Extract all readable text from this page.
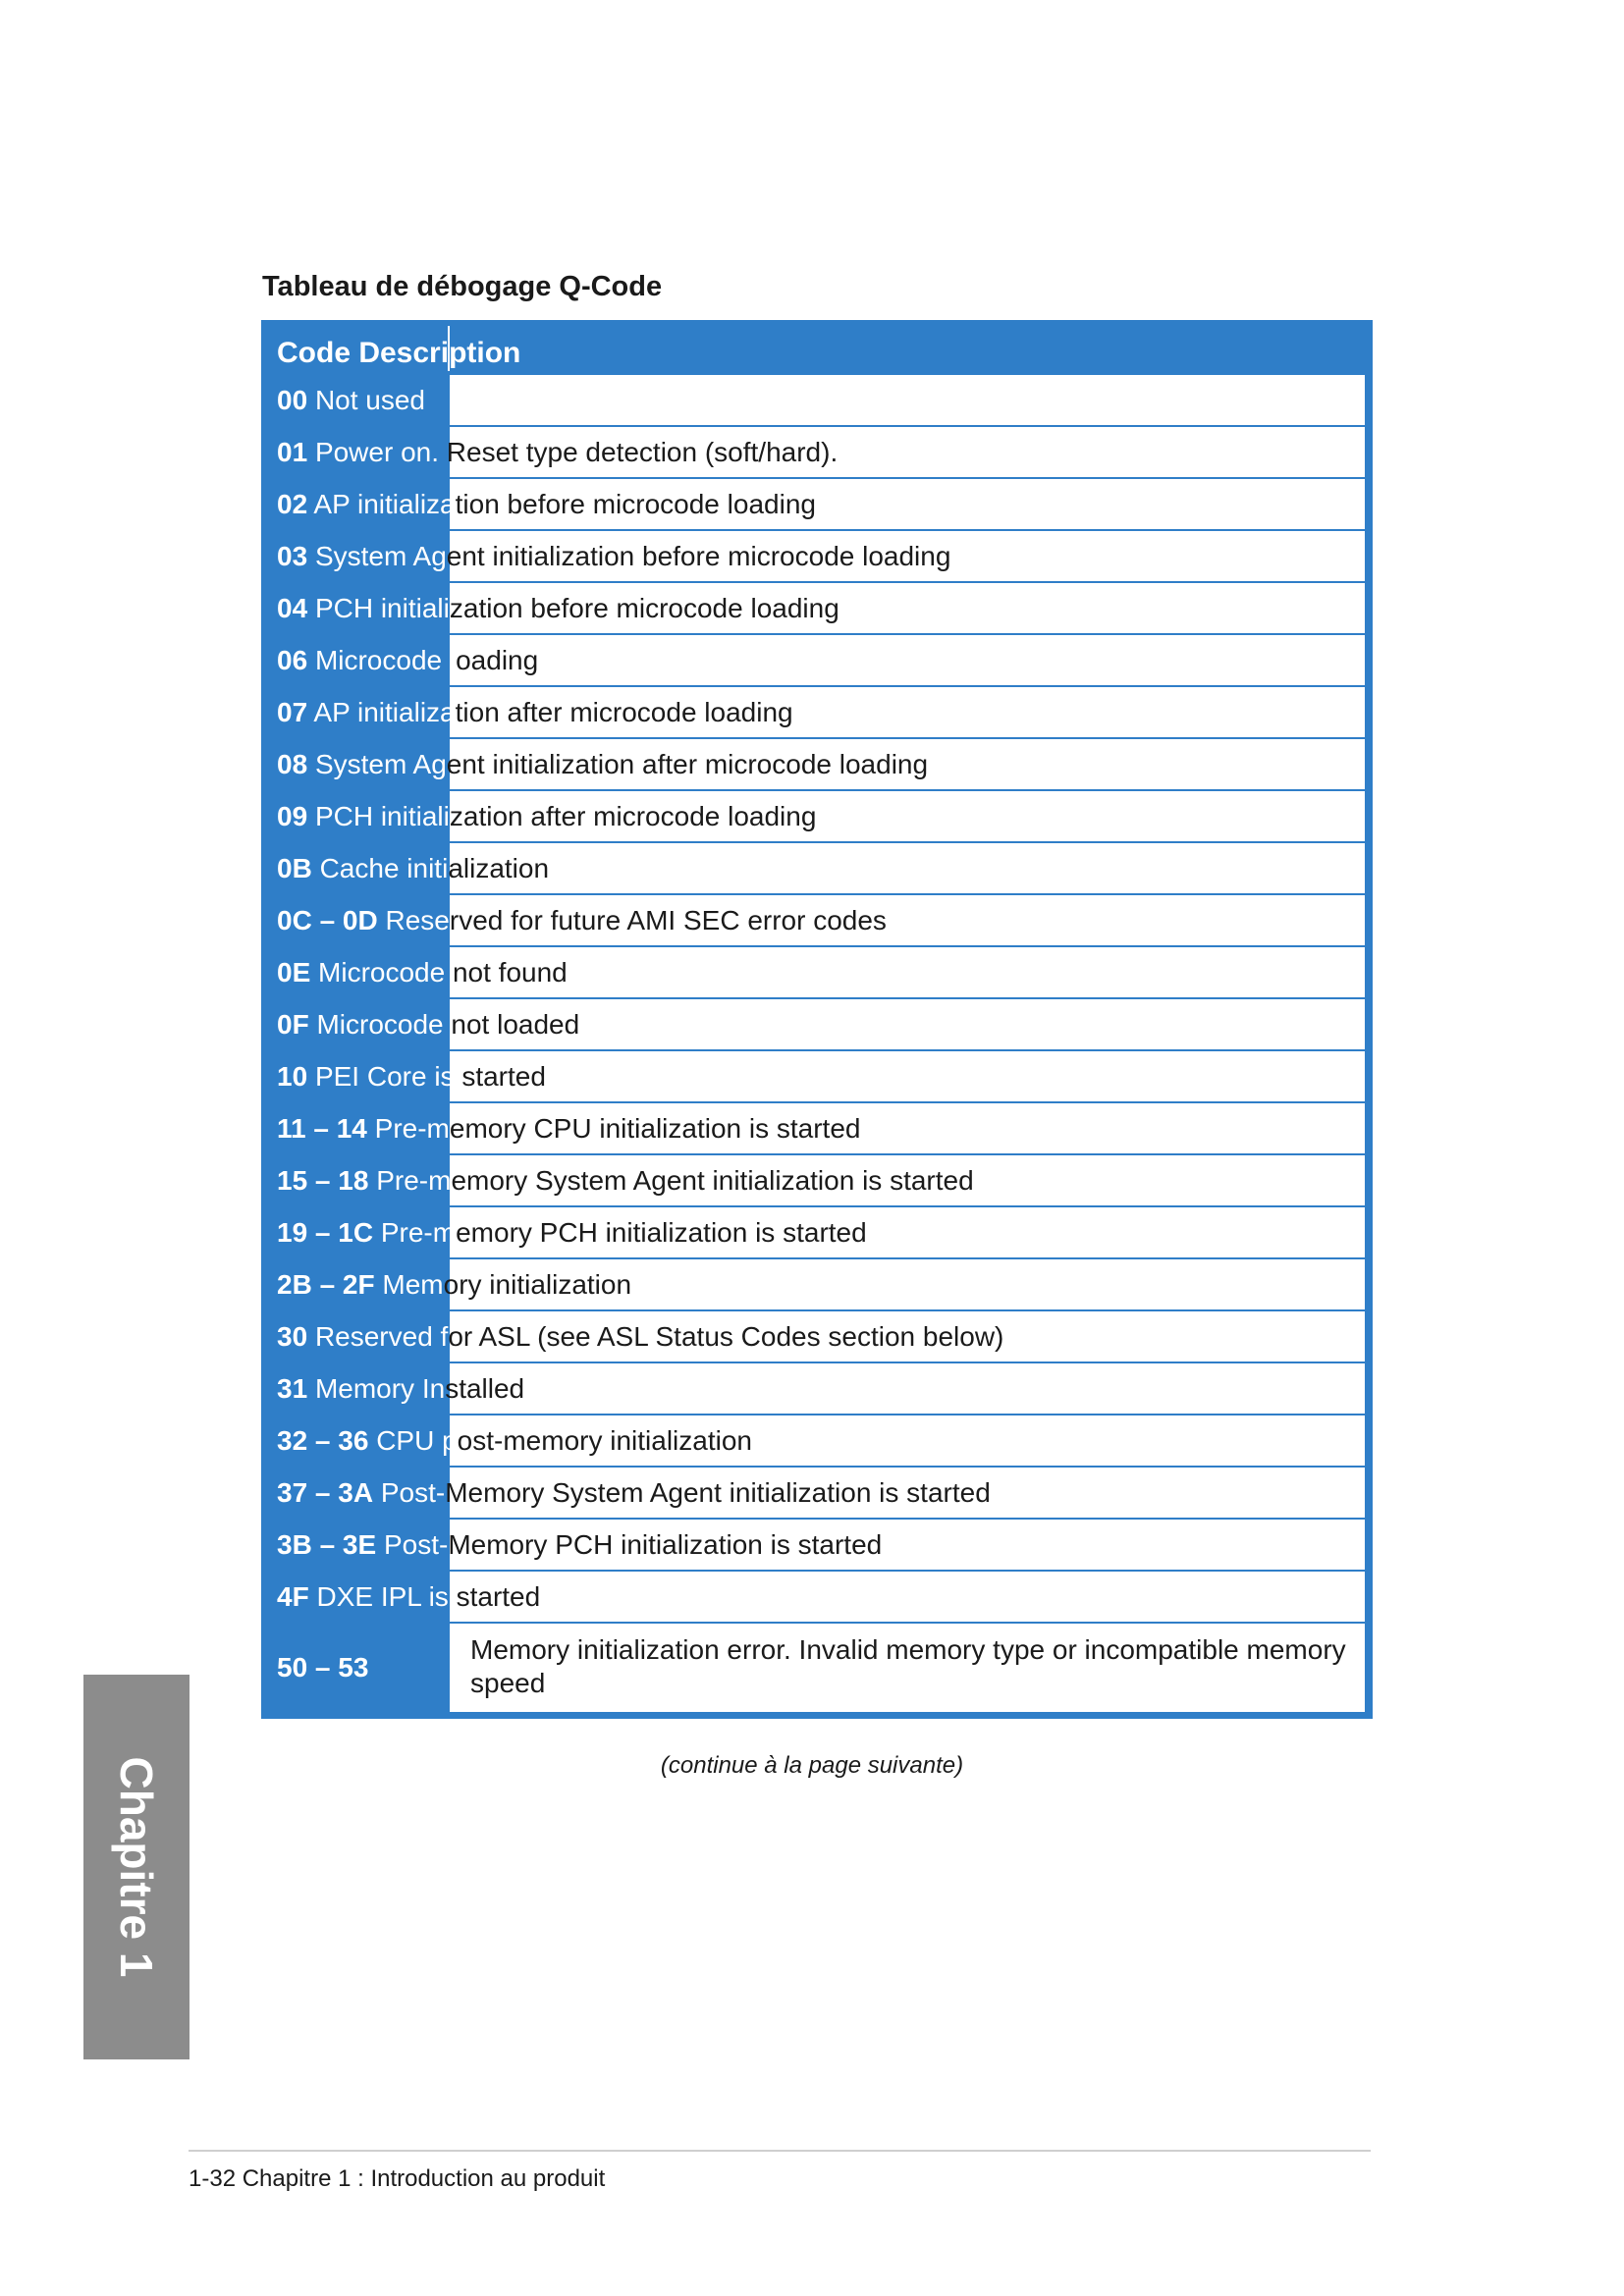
Tableau de débogage Q-Code
Code Description
00 Not used
01 Power on. Reset type detection (soft/hard).
02 AP initialization before microcode loading
03 System Agent initialization before microcode loading
04 PCH initialization before microcode loading
06 Microcode loading
07 AP initialization after microcode loading
08 System Agent initialization after microcode loading
09 PCH initialization after microcode loading
0B Cache initialization
0C – 0D Reserved for future AMI SEC error codes
0E Microcode not found
0F Microcode not loaded
10 PEI Core is started
11 – 14 Pre-memory CPU initialization is started
15 – 18 Pre-memory System Agent initialization is started
19 – 1C Pre-memory PCH initialization is started
2B – 2F Memory initialization
30 Reserved for ASL (see ASL Status Codes section below)
31 Memory Installed
32 – 36 CPU post-memory initialization
37 – 3A Post-Memory System Agent initialization is started
3B – 3E Post-Memory PCH initialization is started
4F DXE IPL is started
50 – 53
Memory initialization error. Invalid memory type or incompatible memory speed
(continue à la page suivante)
Chapitre 1
1-32 Chapitre 1 : Introduction au produit
